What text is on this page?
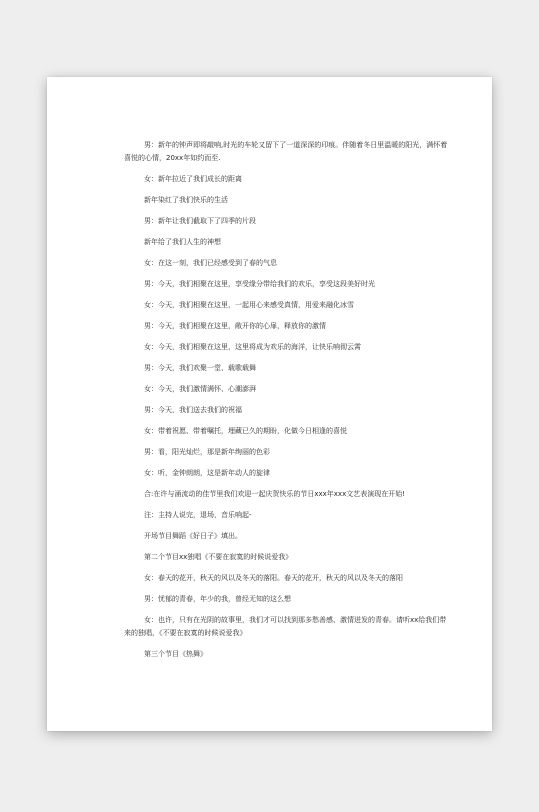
男：新年的钟声即将敲响,时光的车轮又留下了一道深深的印痕。伴随着冬日里温暖的阳光，满怀着喜悦的心情，20xx年如约而至.

女：新年拉近了我们成长的距离

新年染红了我们快乐的生活

男：新年让我们截取下了四季的片段

新年给了我们人生的神想

女：在这一刻，我们已经感受到了春的气息

男：今天，我们相聚在这里，享受缘分带给我们的欢乐，享受这段美好时光

女：今天，我们相聚在这里，一起用心来感受真情，用爱来融化冰雪

男：今天，我们相聚在这里，敞开你的心扉，释放你的激情

女：今天，我们相聚在这里，这里将成为欢乐的海洋，让快乐响彻云霄

男：今天，我们欢聚一堂、载歌载舞

女：今天，我们激情满怀、心潮澎湃

男：今天，我们送去我们的祝福

女：带着祝愿、带着嘱托，埋藏已久的期盼，化做今日相逢的喜悦

男：看，阳光灿烂，那是新年绚丽的色彩

女：听，金钟朗朗，这是新年动人的旋律

合:在许与涌流动的佳节里我们欢迎一起庆贺快乐的节日xxx年xxx文艺表演现在开始!

注：主持人说完，退场，音乐响起-

开场节目舞蹈《好日子》填出。

第二个节目xx独唱《不要在寂寞的时候说爱我》

女：春天的花开，秋天的风以及冬天的落阳。春天的花开，秋天的风以及冬天的落阳

男：忧郁的青春，年少的我，曾经无知的这么想

女：也许，只有在光阴的故事里，我们才可以找到那多愁善感、激情迸发的青春。请听xx给我们带来的独唱，《不要在寂寞的时候说爱我》

第三个节目《热舞》
